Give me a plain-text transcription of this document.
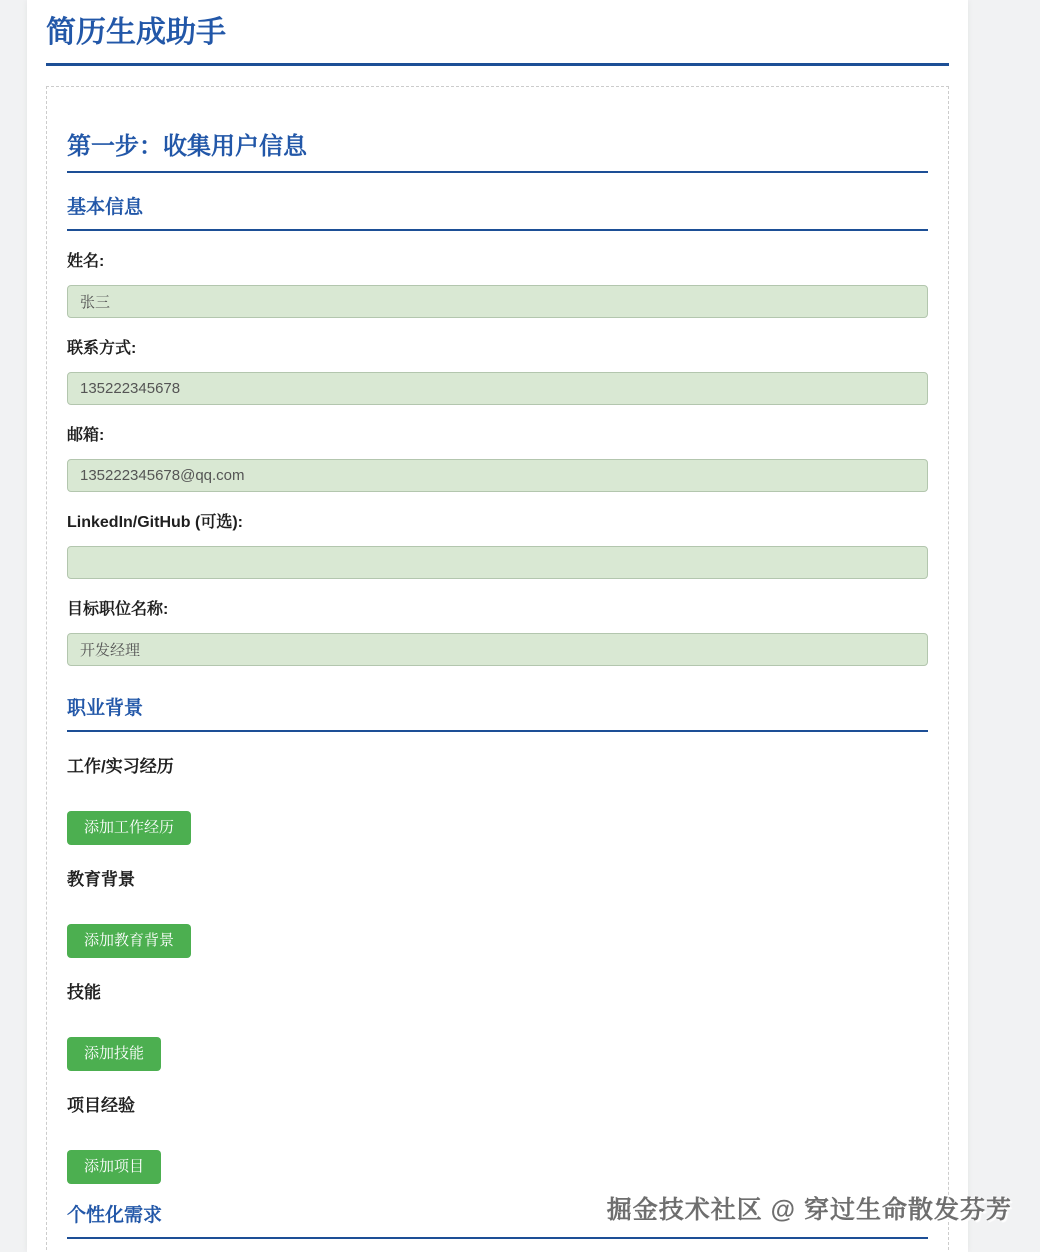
简历生成助手
第一步：收集用户信息
基本信息
姓名:
张三
联系方式:
135222345678
邮箱:
135222345678@qq.com
LinkedIn/GitHub (可选):
目标职位名称:
开发经理
职业背景
工作/实习经历
添加工作经历
教育背景
添加教育背景
技能
添加技能
项目经验
添加项目
个性化需求	掘金技术社区 @ 穿过生命散发芬芳
